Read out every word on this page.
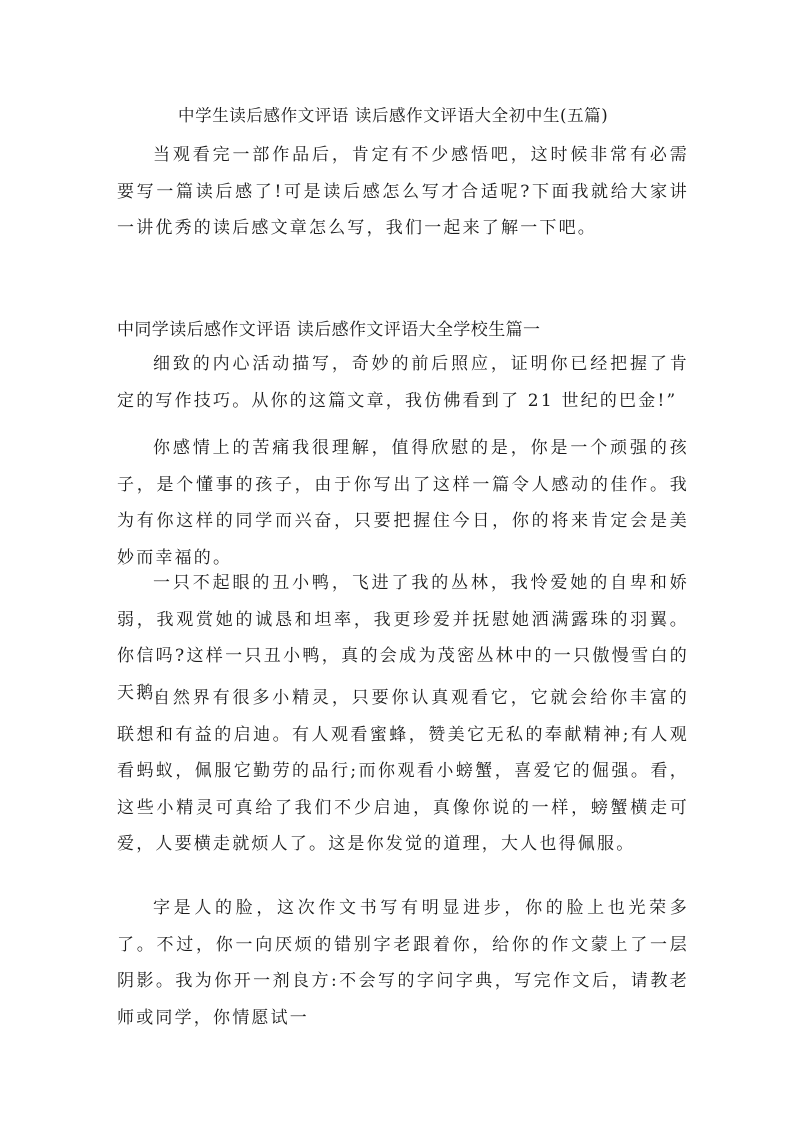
中学生读后感作文评语 读后感作文评语大全初中生(五篇)

当观看完一部作品后，肯定有不少感悟吧，这时候非常有必需要写一篇读后感了!可是读后感怎么写才合适呢?下面我就给大家讲一讲优秀的读后感文章怎么写，我们一起来了解一下吧。

中同学读后感作文评语 读后感作文评语大全学校生篇一

细致的内心活动描写，奇妙的前后照应，证明你已经把握了肯定的写作技巧。从你的这篇文章，我仿佛看到了 21 世纪的巴金!”

你感情上的苦痛我很理解，值得欣慰的是，你是一个顽强的孩子，是个懂事的孩子，由于你写出了这样一篇令人感动的佳作。我为有你这样的同学而兴奋，只要把握住今日，你的将来肯定会是美妙而幸福的。

一只不起眼的丑小鸭，飞进了我的丛林，我怜爱她的自卑和娇弱，我观赏她的诚恳和坦率，我更珍爱并抚慰她洒满露珠的羽翼。你信吗?这样一只丑小鸭，真的会成为茂密丛林中的一只傲慢雪白的天鹅。

自然界有很多小精灵，只要你认真观看它，它就会给你丰富的联想和有益的启迪。有人观看蜜蜂，赞美它无私的奉献精神;有人观看蚂蚁，佩服它勤劳的品行;而你观看小螃蟹，喜爱它的倔强。看，这些小精灵可真给了我们不少启迪，真像你说的一样，螃蟹横走可爱，人要横走就烦人了。这是你发觉的道理，大人也得佩服。

字是人的脸，这次作文书写有明显进步，你的脸上也光荣多了。不过，你一向厌烦的错别字老跟着你，给你的作文蒙上了一层阴影。我为你开一剂良方:不会写的字问字典，写完作文后，请教老师或同学，你情愿试一
